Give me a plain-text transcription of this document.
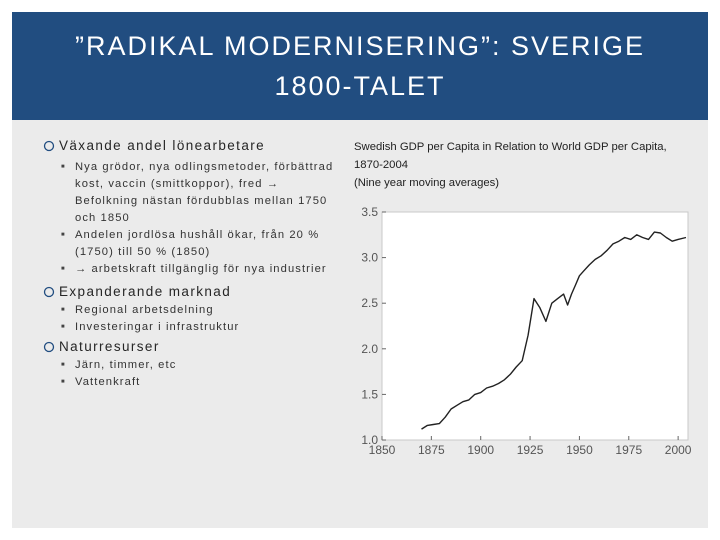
”RADIKAL MODERNISERING”: SVERIGE 1800-TALET
Växande andel lönearbetare
■ Nya grödor, nya odlingsmetoder, förbättrad kost, vaccin (smittkoppor), fred → Befolkning nästan fördubblas mellan 1750 och 1850
■ Andelen jordlösa hushåll ökar, från 20 % (1750) till 50 % (1850)
■ → arbetskraft tillgänglig för nya industrier
Expanderande marknad
■ Regional arbetsdelning
■ Investeringar i infrastruktur
Naturresurser
■ Järn, timmer, etc
■ Vattenkraft
Swedish GDP per Capita in Relation to World GDP per Capita, 1870-2004
(Nine year moving averages)
1.0
1.5
2.0
2.5
3.0
3.5
1850 1875 1900 1925 1950 1975 2000
